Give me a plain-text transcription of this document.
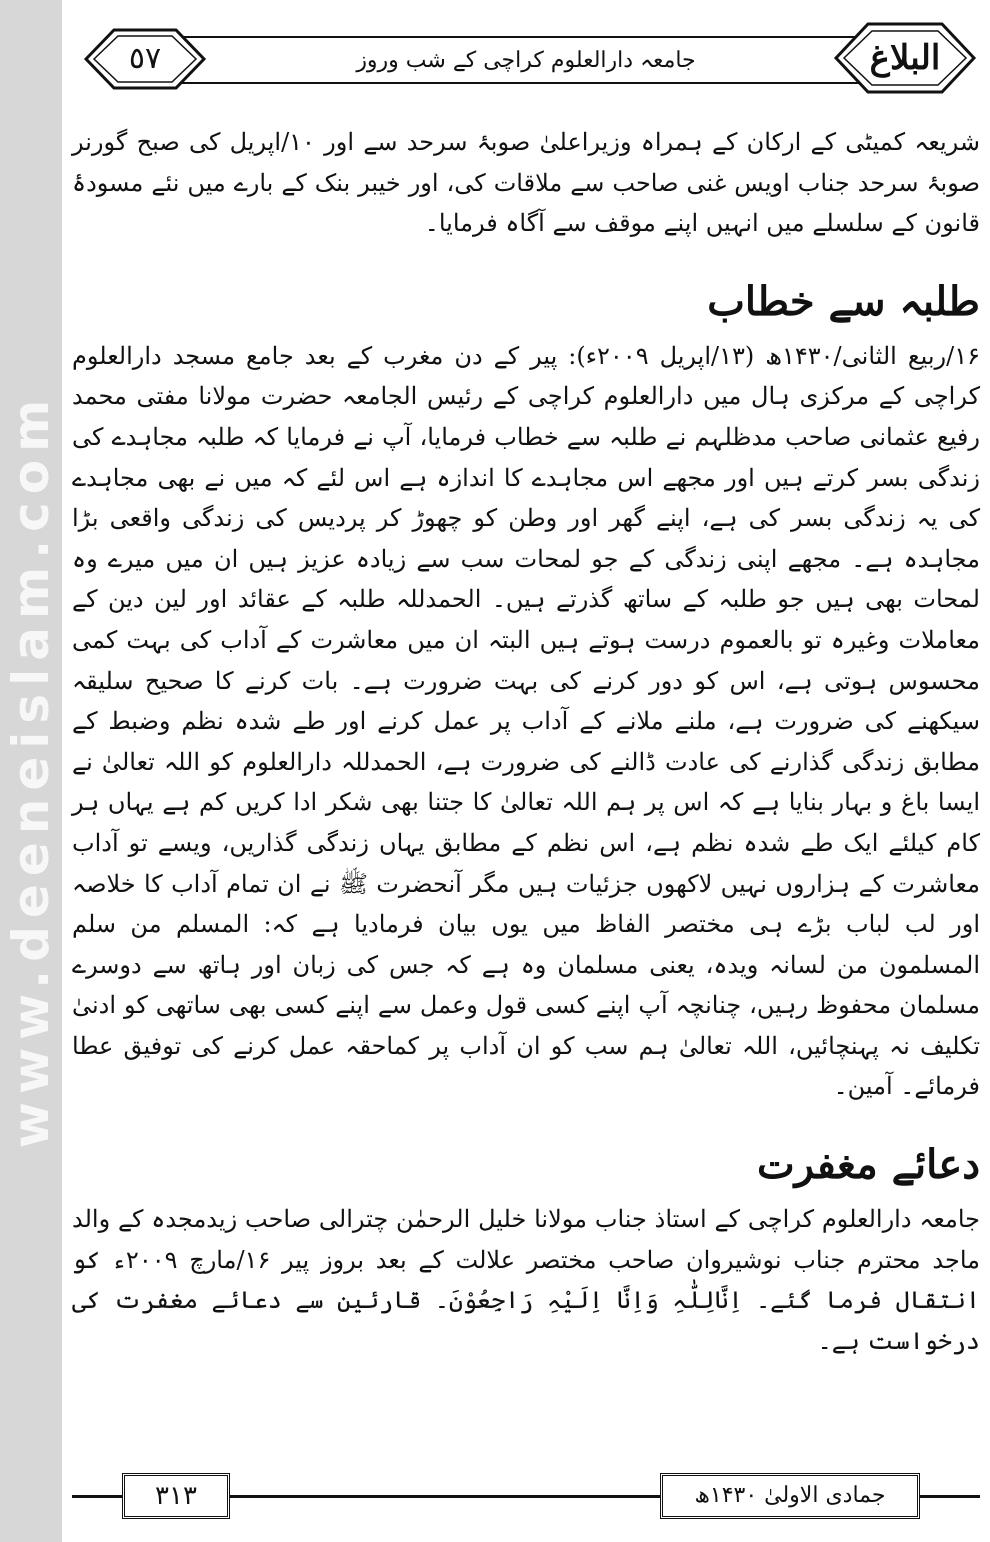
www.deeneislam.com
٥٧	جامعہ دارالعلوم کراچی کے شب وروز	البلاغ

شریعہ کمیٹی کے ارکان کے ہمراہ وزیراعلیٰ صوبۂ سرحد سے اور ۱۰/اپریل کی صبح گورنر صوبۂ سرحد جناب اویس غنی صاحب سے ملاقات کی، اور خیبر بنک کے بارے میں نئے مسودۂ قانون کے سلسلے میں انہیں اپنے موقف سے آگاہ فرمایا۔

طلبہ سے خطاب

۱۶/ربیع الثانی/۱۴۳۰ھ (۱۳/اپریل ۲۰۰۹ء): پیر کے دن مغرب کے بعد جامع مسجد دارالعلوم کراچی کے مرکزی ہال میں دارالعلوم کراچی کے رئیس الجامعہ حضرت مولانا مفتی محمد رفیع عثمانی صاحب مدظلہم نے طلبہ سے خطاب فرمایا، آپ نے فرمایا کہ طلبہ مجاہدے کی زندگی بسر کرتے ہیں اور مجھے اس مجاہدے کا اندازہ ہے اس لئے کہ میں نے بھی مجاہدے کی یہ زندگی بسر کی ہے، اپنے گھر اور وطن کو چھوڑ کر پردیس کی زندگی واقعی بڑا مجاہدہ ہے۔ مجھے اپنی زندگی کے جو لمحات سب سے زیادہ عزیز ہیں ان میں میرے وہ لمحات بھی ہیں جو طلبہ کے ساتھ گذرتے ہیں۔ الحمدللہ طلبہ کے عقائد اور لین دین کے معاملات وغیرہ تو بالعموم درست ہوتے ہیں البتہ ان میں معاشرت کے آداب کی بہت کمی محسوس ہوتی ہے، اس کو دور کرنے کی بہت ضرورت ہے۔ بات کرنے کا صحیح سلیقہ سیکھنے کی ضرورت ہے، ملنے ملانے کے آداب پر عمل کرنے اور طے شدہ نظم وضبط کے مطابق زندگی گذارنے کی عادت ڈالنے کی ضرورت ہے، الحمدللہ دارالعلوم کو اللہ تعالیٰ نے ایسا باغ و بہار بنایا ہے کہ اس پر ہم اللہ تعالیٰ کا جتنا بھی شکر ادا کریں کم ہے یہاں ہر کام کیلئے ایک طے شدہ نظم ہے، اس نظم کے مطابق یہاں زندگی گذاریں، ویسے تو آداب معاشرت کے ہزاروں نہیں لاکھوں جزئیات ہیں مگر آنحضرت ﷺ نے ان تمام آداب کا خلاصہ اور لب لباب بڑے ہی مختصر الفاظ میں یوں بیان فرمادیا ہے کہ: المسلم من سلم المسلمون من لسانہ ویدہ، یعنی مسلمان وہ ہے کہ جس کی زبان اور ہاتھ سے دوسرے مسلمان محفوظ رہیں، چنانچہ آپ اپنے کسی قول وعمل سے اپنے کسی بھی ساتھی کو ادنیٰ تکلیف نہ پہنچائیں، اللہ تعالیٰ ہم سب کو ان آداب پر کماحقہ عمل کرنے کی توفیق عطا فرمائے۔ آمین۔

دعائے مغفرت

جامعہ دارالعلوم کراچی کے استاذ جناب مولانا خلیل الرحمٰن چترالی صاحب زیدمجدہ کے والد ماجد محترم جناب نوشیروان صاحب مختصر علالت کے بعد بروز پیر ۱۶/مارچ ۲۰۰۹ء کو انتقال فرما گئے۔ اِنَّالِلّٰہِ وَاِنَّا اِلَیْہِ رَاجِعُوْنَ۔ قارئین سے دعائے مغفرت کی درخواست ہے۔

۳۱۳	جمادی الاولیٰ ۱۴۳۰ھ
